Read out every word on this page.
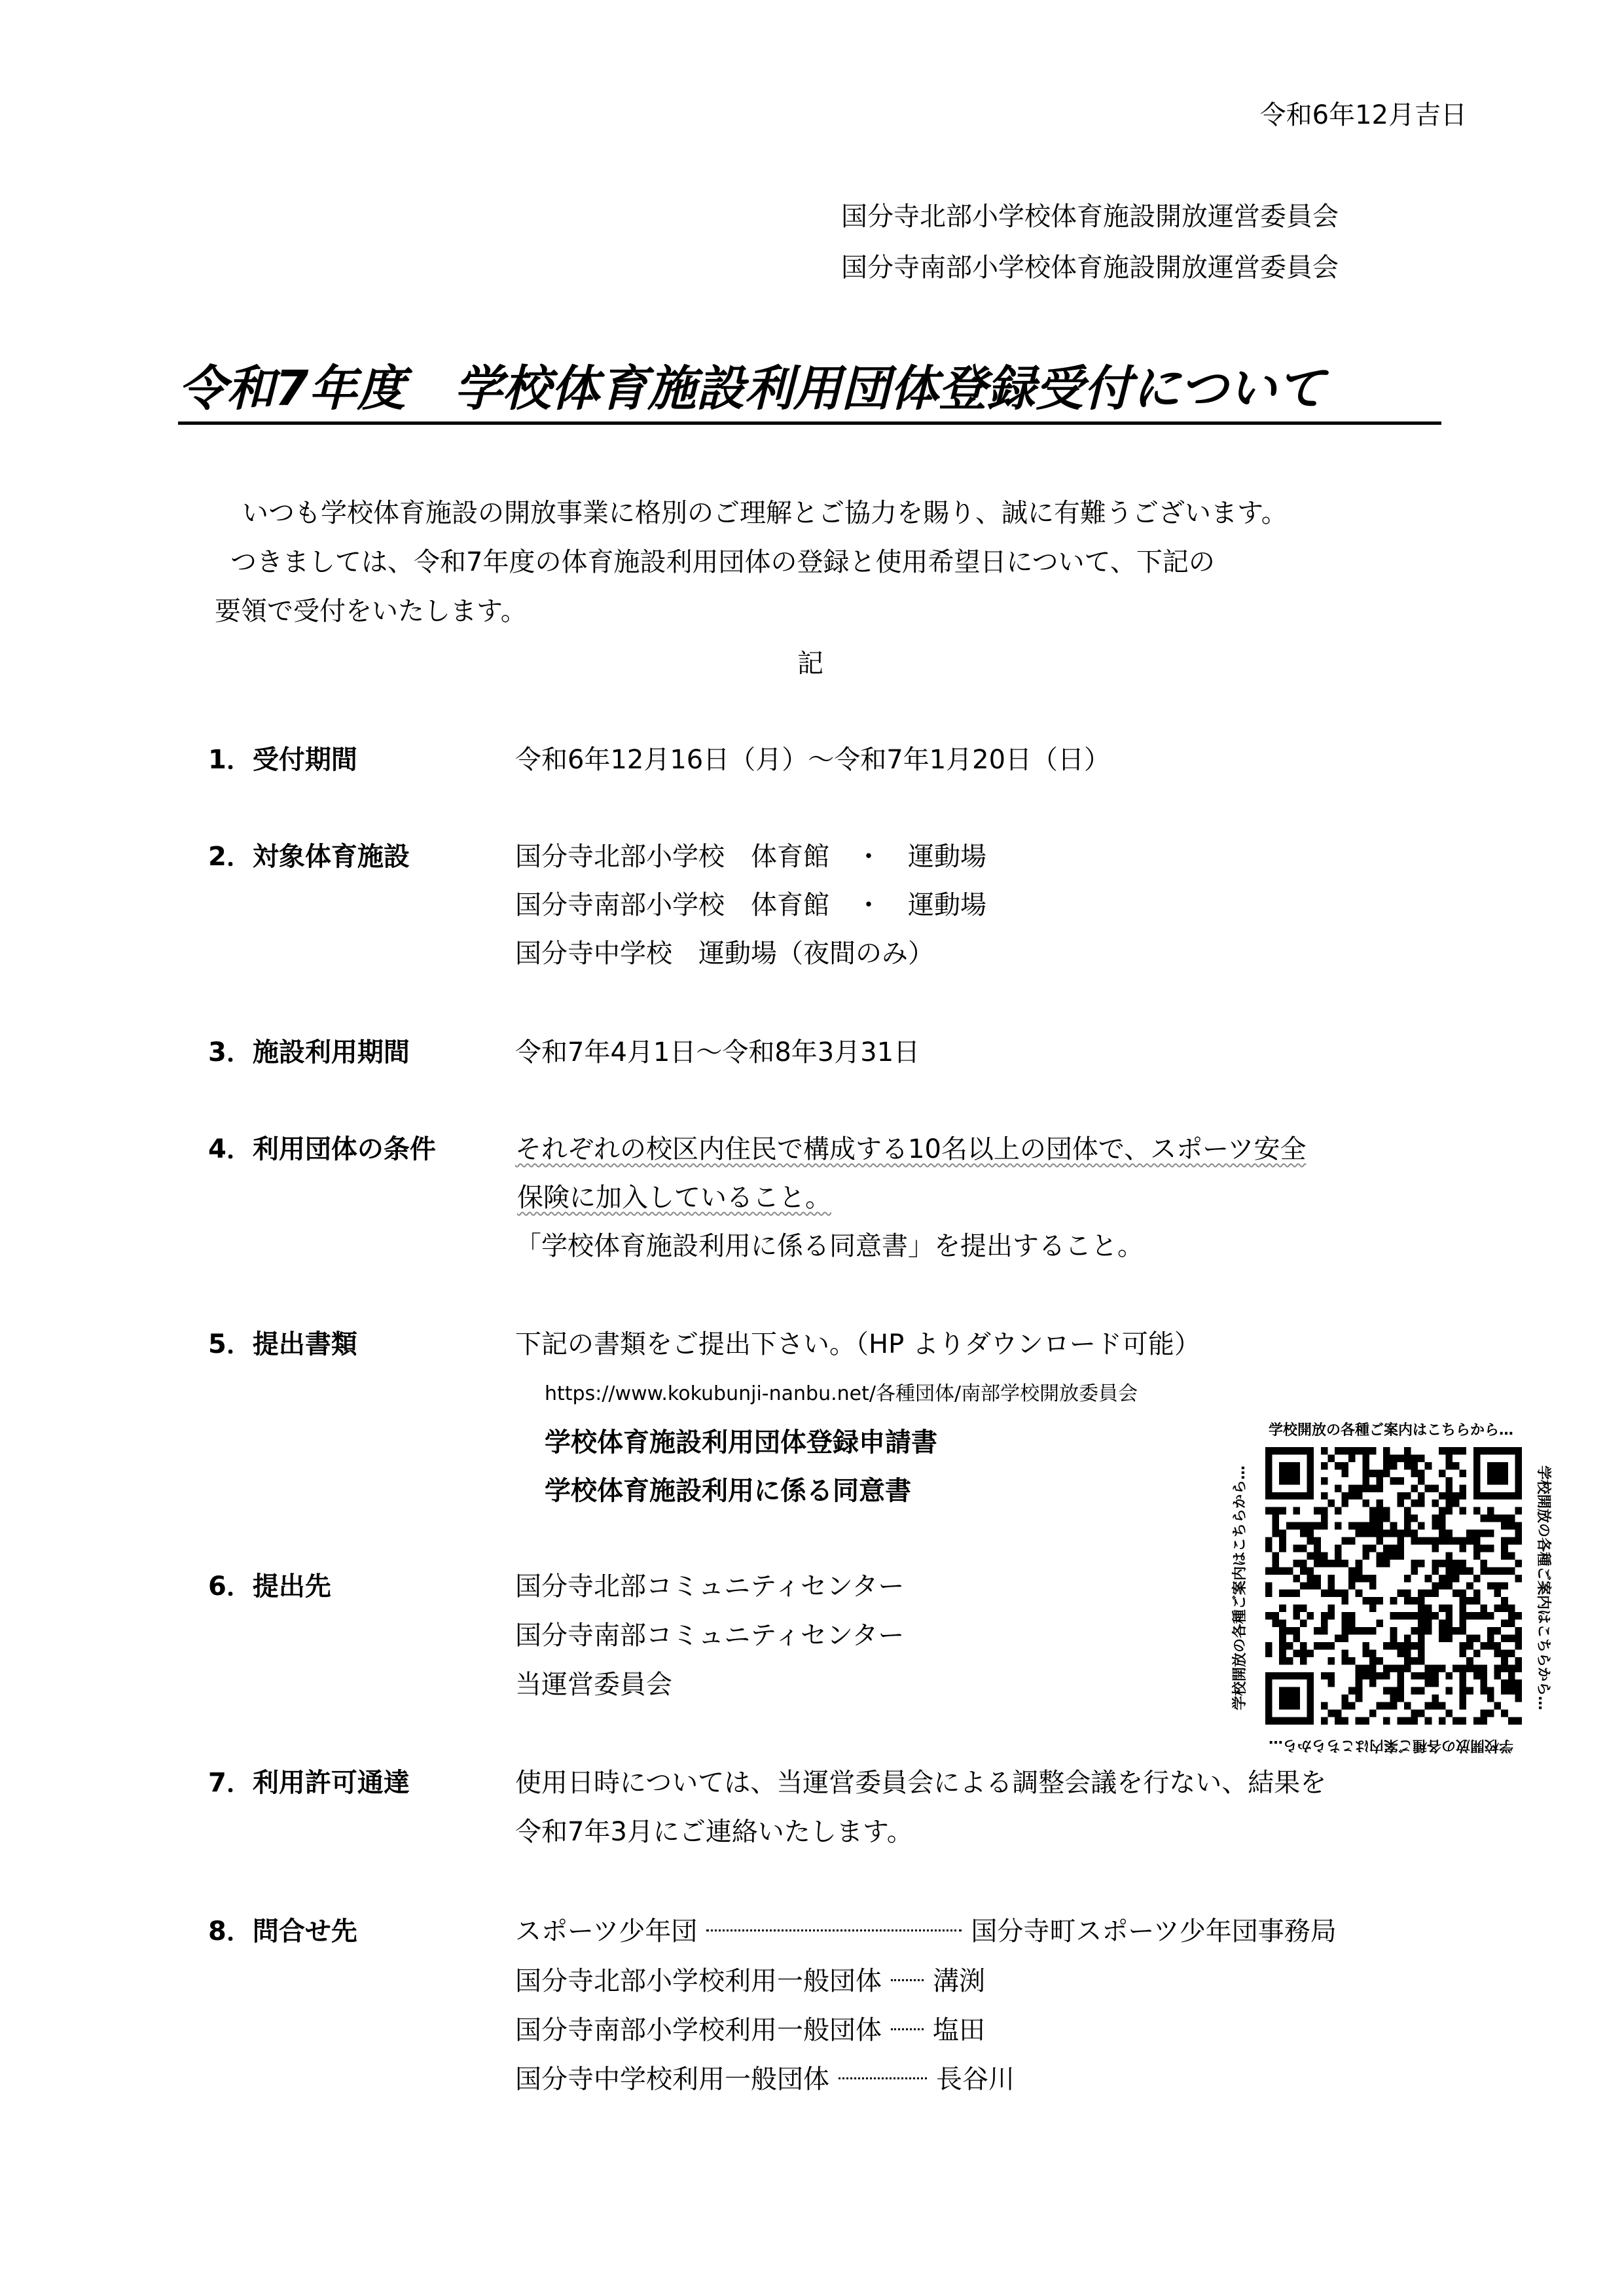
令和6年12月吉日
国分寺北部小学校体育施設開放運営委員会
国分寺南部小学校体育施設開放運営委員会
令和7年度　学校体育施設利用団体登録受付について
いつも学校体育施設の開放事業に格別のご理解とご協力を賜り、誠に有難うございます。
つきましては、令和7年度の体育施設利用団体の登録と使用希望日について、下記の
要領で受付をいたします。
記
1．受付期間	令和6年12月16日（月）～令和7年1月20日（日）
2．対象体育施設	国分寺北部小学校　体育館　・　運動場
国分寺南部小学校　体育館　・　運動場
国分寺中学校　運動場（夜間のみ）
3．施設利用期間	令和7年4月1日～令和8年3月31日
4．利用団体の条件	それぞれの校区内住民で構成する10名以上の団体で、スポーツ安全
保険に加入していること。
「学校体育施設利用に係る同意書」を提出すること。
5．提出書類	下記の書類をご提出下さい。（HP よりダウンロード可能）
https://www.kokubunji-nanbu.net/各種団体/南部学校開放委員会
学校体育施設利用団体登録申請書
学校体育施設利用に係る同意書
学校開放の各種ご案内はこちらから…
学校開放の各種ご案内はこちらから…
学校開放の各種ご案内はこちらから…	学校開放の各種ご案内はこちらから…
6．提出先	国分寺北部コミュニティセンター
国分寺南部コミュニティセンター
当運営委員会
7．利用許可通達	使用日時については、当運営委員会による調整会議を行ない、結果を
令和7年3月にご連絡いたします。
8．問合せ先	スポーツ少年団	国分寺町スポーツ少年団事務局
国分寺北部小学校利用一般団体 溝渕
国分寺南部小学校利用一般団体 塩田
国分寺中学校利用一般団体	長谷川
